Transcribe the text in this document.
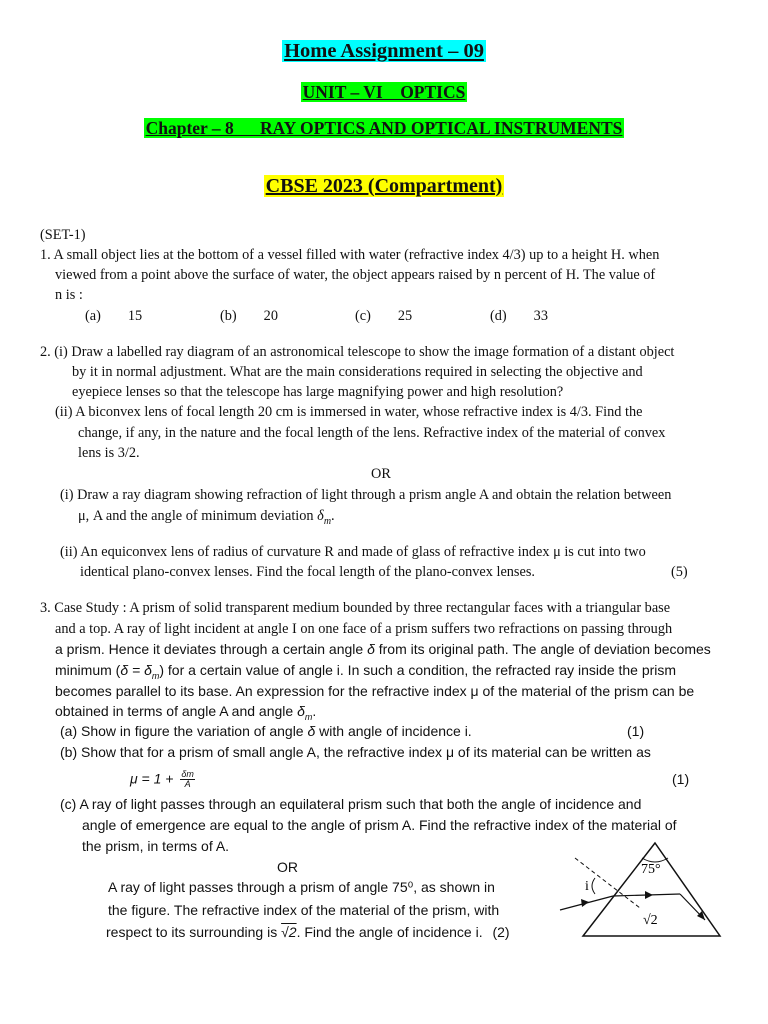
Home Assignment – 09
UNIT – VI    OPTICS
Chapter – 8      RAY OPTICS AND OPTICAL INSTRUMENTS
CBSE 2023 (Compartment)
(SET-1)
1. A small object lies at the bottom of a vessel filled with water (refractive index 4/3) up to a height H. when
viewed from a point above the surface of water, the object appears raised by n percent of H. The value of
n is :
(a) 15	(b) 20	(c) 25	(d) 33
2. (i) Draw a labelled ray diagram of an astronomical telescope to show the image formation of a distant object
by it in normal adjustment. What are the main considerations required in selecting the objective and
eyepiece lenses so that the telescope has large magnifying power and high resolution?
(ii) A biconvex lens of focal length 20 cm is immersed in water, whose refractive index is 4/3. Find the
change, if any, in the nature and the focal length of the lens. Refractive index of the material of convex
lens is 3/2.
OR
(i) Draw a ray diagram showing refraction of light through a prism angle A and obtain the relation between
μ, A and the angle of minimum deviation $\delta_m$.
(ii) An equiconvex lens of radius of curvature R and made of glass of refractive index μ is cut into two
identical plano-convex lenses. Find the focal length of the plano-convex lenses.	(5)
3. Case Study : A prism of solid transparent medium bounded by three rectangular faces with a triangular base
and a top. A ray of light incident at angle I on one face of a prism suffers two refractions on passing through
a prism. Hence it deviates through a certain angle δ from its original path. The angle of deviation becomes
minimum $(\delta = \delta_m)$ for a certain value of angle i. In such a condition, the refracted ray inside the prism
becomes parallel to its base. An expression for the refractive index μ of the material of the prism can be
obtained in terms of angle A and angle $\delta_m$.
(a) Show in figure the variation of angle δ with angle of incidence i.	(1)
(b) Show that for a prism of small angle A, the refractive index μ of its material can be written as
$\mu = 1 + \frac{\delta m}{A}$	(1)
(c) A ray of light passes through an equilateral prism such that both the angle of incidence and
angle of emergence are equal to the angle of prism A. Find the refractive index of the material of
the prism, in terms of A.
OR
A ray of light passes through a prism of angle 75⁰, as shown in
the figure. The refractive index of the material of the prism, with
respect to its surrounding is √2. Find the angle of incidence i. (2)
75°
i
√2
